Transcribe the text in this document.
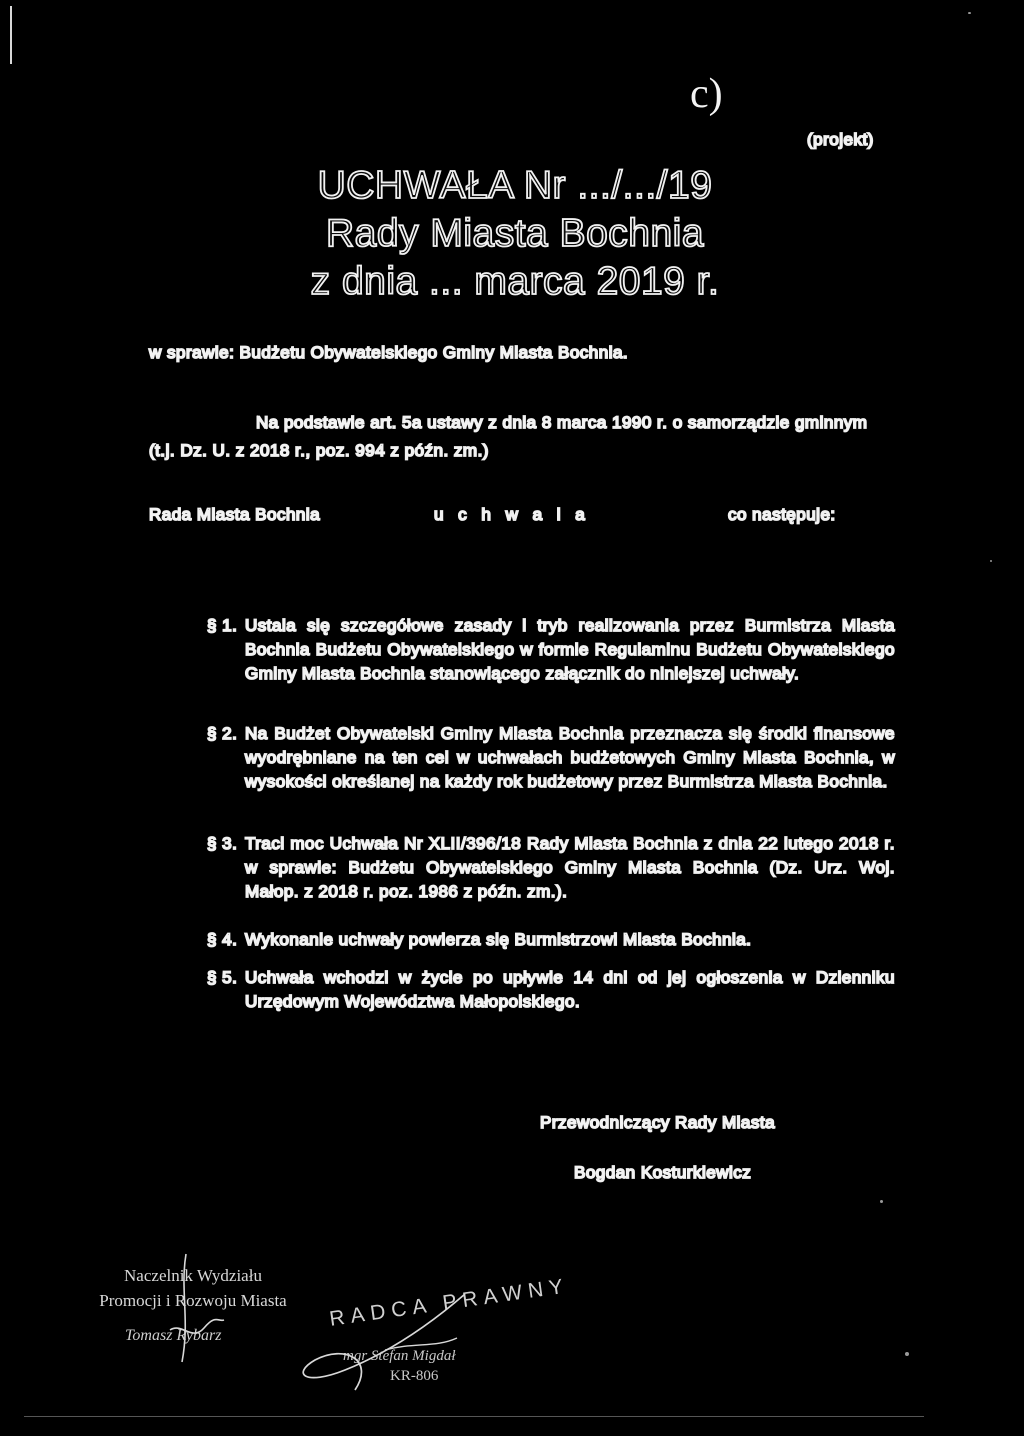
c)
(projekt)
UCHWAŁA Nr .../.../19
Rady Miasta Bochnia
z dnia ... marca 2019 r.
w sprawie: Budżetu Obywatelskiego Gminy Miasta Bochnia.
Na podstawie art. 5a ustawy z dnia 8 marca 1990 r. o samorządzie gminnym
(t.j. Dz. U. z 2018 r., poz. 994 z późn. zm.)
Rada Miasta Bochnia	u c h w a l a	co następuje:
§ 1. Ustala się szczegółowe zasady i tryb realizowania przez Burmistrza Miasta Bochnia Budżetu Obywatelskiego w formie Regulaminu Budżetu Obywatelskiego Gminy Miasta Bochnia stanowiącego załącznik do niniejszej uchwały.
§ 2. Na Budżet Obywatelski Gminy Miasta Bochnia przeznacza się środki finansowe wyodrębniane na ten cel w uchwałach budżetowych Gminy Miasta Bochnia, w wysokości określanej na każdy rok budżetowy przez Burmistrza Miasta Bochnia.
§ 3. Traci moc Uchwała Nr XLII/396/18 Rady Miasta Bochnia z dnia 22 lutego 2018 r. w sprawie: Budżetu Obywatelskiego Gminy Miasta Bochnia (Dz. Urz. Woj. Małop. z 2018 r. poz. 1986 z późn. zm.).
§ 4. Wykonanie uchwały powierza się Burmistrzowi Miasta Bochnia.
§ 5. Uchwała wchodzi w życie po upływie 14 dni od jej ogłoszenia w Dzienniku Urzędowym Województwa Małopolskiego.
Przewodniczący Rady Miasta
Bogdan Kosturkiewicz
Naczelnik Wydziału
Promocji i Rozwoju Miasta
Tomasz Rybarz
RADCA PRAWNY
mgr Stefan Migdał
KR-806
